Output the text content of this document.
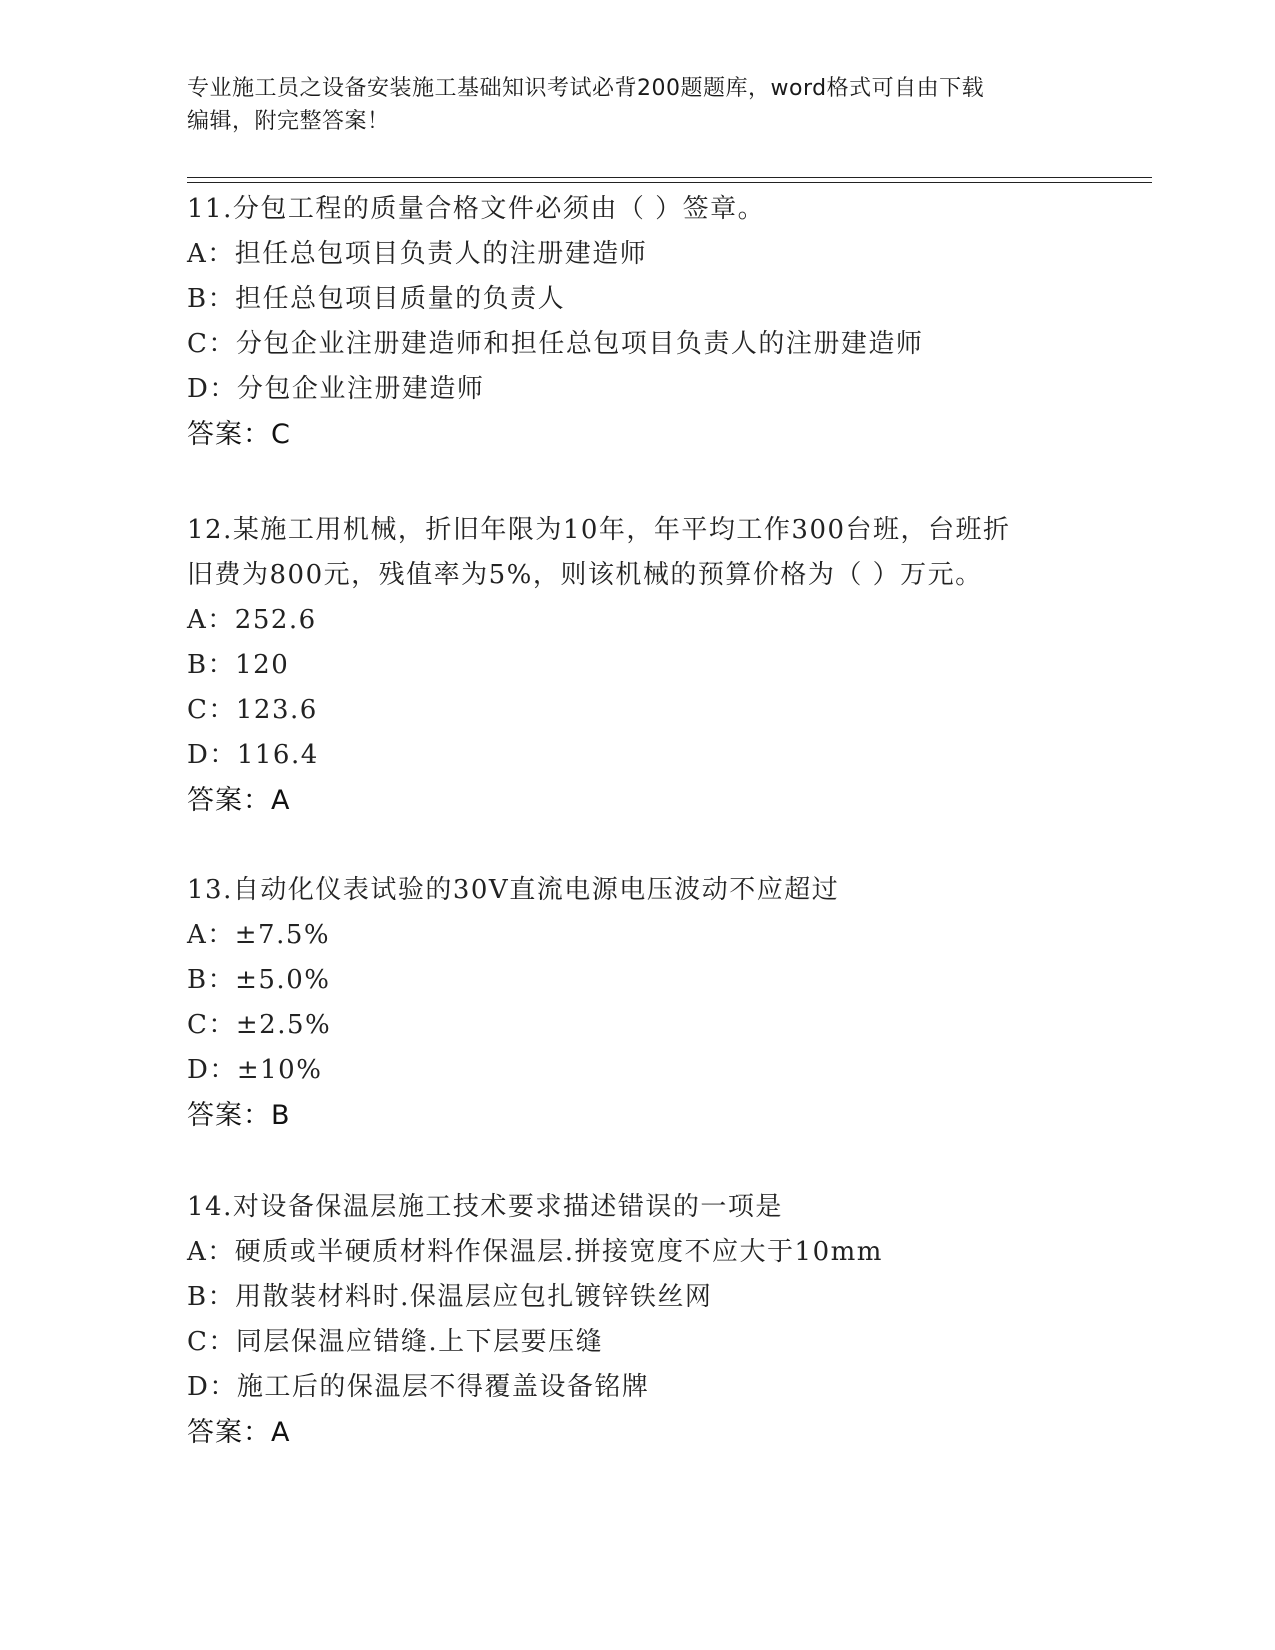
专业施工员之设备安装施工基础知识考试必背200题题库，word格式可自由下载
编辑，附完整答案！
11.分包工程的质量合格文件必须由（ ）签章。
A：担任总包项目负责人的注册建造师
B：担任总包项目质量的负责人
C：分包企业注册建造师和担任总包项目负责人的注册建造师
D：分包企业注册建造师
答案：C
12.某施工用机械，折旧年限为10年，年平均工作300台班，台班折
旧费为800元，残值率为5%，则该机械的预算价格为（ ）万元。
A：252.6
B：120
C：123.6
D：116.4
答案：A
13.自动化仪表试验的30V直流电源电压波动不应超过
A：±7.5%
B：±5.0%
C：±2.5%
D：±10%
答案：B
14.对设备保温层施工技术要求描述错误的一项是
A：硬质或半硬质材料作保温层.拼接宽度不应大于10mm
B：用散装材料时.保温层应包扎镀锌铁丝网
C：同层保温应错缝.上下层要压缝
D：施工后的保温层不得覆盖设备铭牌
答案：A
